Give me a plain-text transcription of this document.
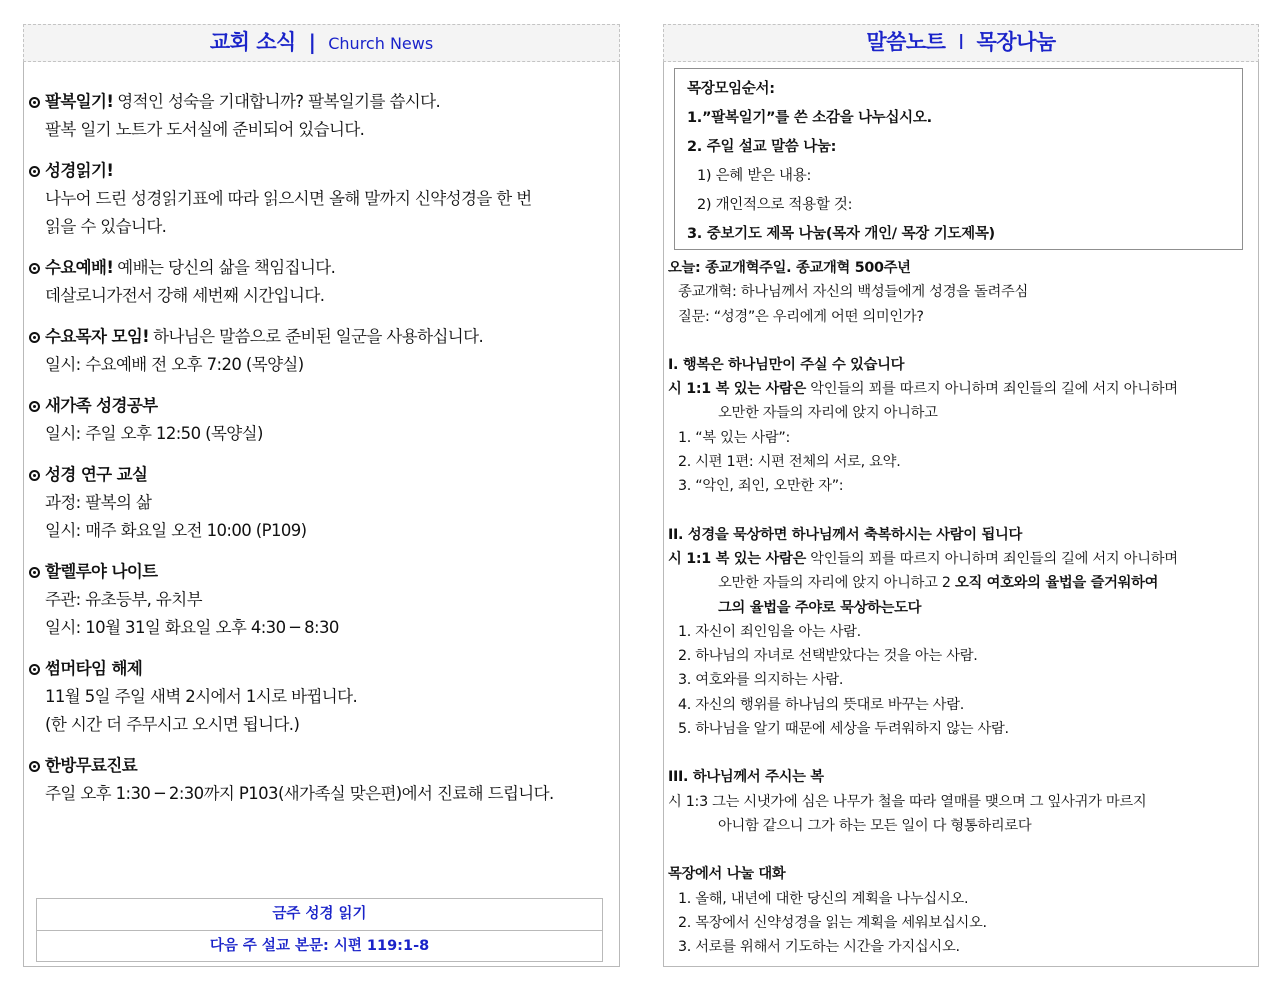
교회 소식 | Church News
팔복일기! 영적인 성숙을 기대합니까? 팔복일기를 씁시다.
팔복 일기 노트가 도서실에 준비되어 있습니다.
성경읽기!
나누어 드린 성경읽기표에 따라 읽으시면 올해 말까지 신약성경을 한 번
읽을 수 있습니다.
수요예배! 예배는 당신의 삶을 책임집니다.
데살로니가전서 강해 세번째 시간입니다.
수요목자 모임! 하나님은 말씀으로 준비된 일군을 사용하십니다.
일시: 수요예배 전 오후 7:20 (목양실)
새가족 성경공부
일시: 주일 오후 12:50 (목양실)
성경 연구 교실
과정: 팔복의 삶
일시: 매주 화요일 오전 10:00 (P109)
할렐루야 나이트
주관: 유초등부, 유치부
일시: 10월 31일 화요일 오후 4:30 ─ 8:30
썸머타임 해제
11월 5일 주일 새벽 2시에서 1시로 바뀝니다.
(한 시간 더 주무시고 오시면 됩니다.)
한방무료진료
주일 오후 1:30 ─ 2:30까지 P103(새가족실 맞은편)에서 진료해 드립니다.
금주 성경 읽기
다음 주 설교 본문: 시편 119:1-8
말씀노트 I 목장나눔
목장모임순서:
1.”팔복일기”를 쓴 소감을 나누십시오.
2. 주일 설교 말씀 나눔:
1) 은혜 받은 내용:
2) 개인적으로 적용할 것:
3. 중보기도 제목 나눔(목자 개인/ 목장 기도제목)
오늘: 종교개혁주일. 종교개혁 500주년
종교개혁: 하나님께서 자신의 백성들에게 성경을 돌려주심
질문: “성경”은 우리에게 어떤 의미인가?
I. 행복은 하나님만이 주실 수 있습니다
시 1:1 복 있는 사람은 악인들의 꾀를 따르지 아니하며 죄인들의 길에 서지 아니하며
오만한 자들의 자리에 앉지 아니하고
1. “복 있는 사람”:
2. 시편 1편: 시편 전체의 서로, 요약.
3. “악인, 죄인, 오만한 자”:
II. 성경을 묵상하면 하나님께서 축복하시는 사람이 됩니다
시 1:1 복 있는 사람은 악인들의 꾀를 따르지 아니하며 죄인들의 길에 서지 아니하며
오만한 자들의 자리에 앉지 아니하고 2 오직 여호와의 율법을 즐거워하여
그의 율법을 주야로 묵상하는도다
1. 자신이 죄인임을 아는 사람.
2. 하나님의 자녀로 선택받았다는 것을 아는 사람.
3. 여호와를 의지하는 사람.
4. 자신의 행위를 하나님의 뜻대로 바꾸는 사람.
5. 하나님을 알기 때문에 세상을 두려워하지 않는 사람.
III. 하나님께서 주시는 복
시 1:3 그는 시냇가에 심은 나무가 철을 따라 열매를 맺으며 그 잎사귀가 마르지
아니함 같으니 그가 하는 모든 일이 다 형통하리로다
목장에서 나눌 대화
1. 올해, 내년에 대한 당신의 계획을 나누십시오.
2. 목장에서 신약성경을 읽는 계획을 세워보십시오.
3. 서로를 위해서 기도하는 시간을 가지십시오.
